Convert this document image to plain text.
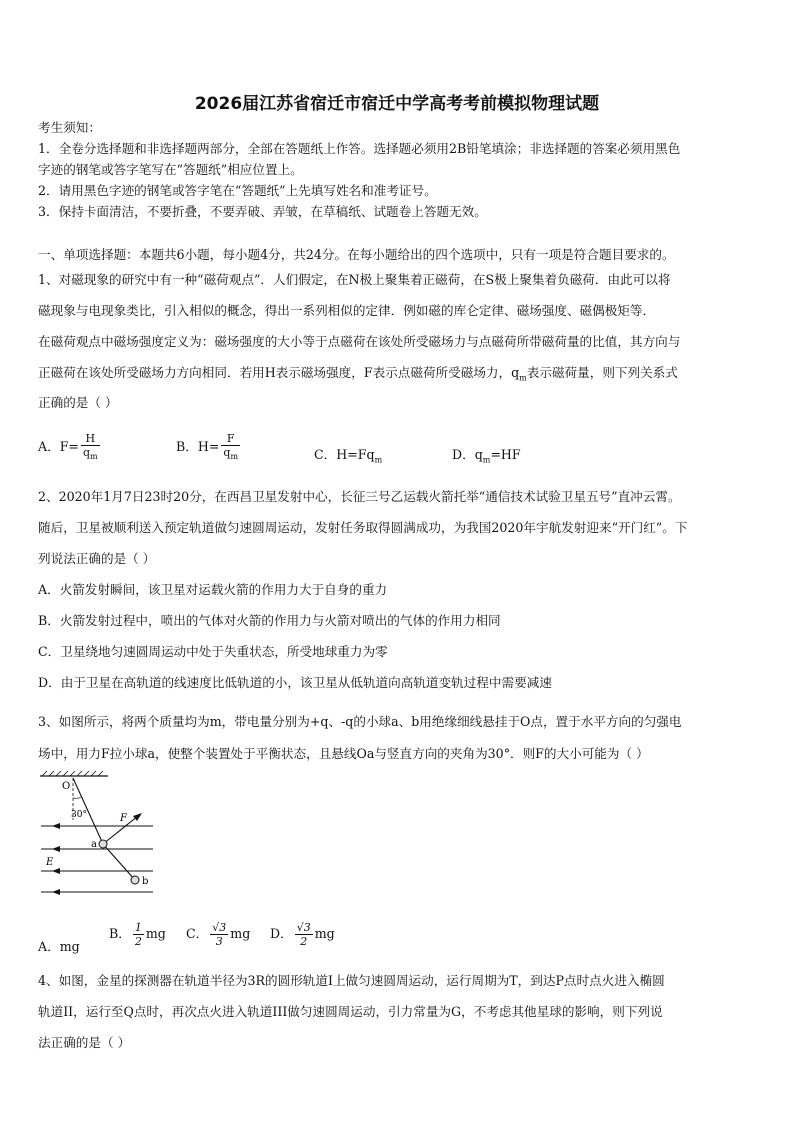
2026届江苏省宿迁市宿迁中学高考考前模拟物理试题
考生须知：
1．全卷分选择题和非选择题两部分，全部在答题纸上作答。选择题必须用2B铅笔填涂；非选择题的答案必须用黑色
字迹的钢笔或答字笔写在“答题纸”相应位置上。
2．请用黑色字迹的钢笔或答字笔在“答题纸”上先填写姓名和准考证号。
3．保持卡面清洁，不要折叠，不要弄破、弄皱，在草稿纸、试题卷上答题无效。
一、单项选择题：本题共6小题，每小题4分，共24分。在每小题给出的四个选项中，只有一项是符合题目要求的。
1、对磁现象的研究中有一种“磁荷观点”．人们假定，在N极上聚集着正磁荷，在S极上聚集着负磁荷．由此可以将
磁现象与电现象类比，引入相似的概念，得出一系列相似的定律．例如磁的库仑定律、磁场强度、磁偶极矩等．
在磁荷观点中磁场强度定义为：磁场强度的大小等于点磁荷在该处所受磁场力与点磁荷所带磁荷量的比值，其方向与
正磁荷在该处所受磁场力方向相同．若用H表示磁场强度，F表示点磁荷所受磁场力，$q_m$表示磁荷量，则下列关系式
正确的是（ ）
A．$F= \frac{H}{q_m}$	B．$H= \frac{F}{q_m}$	C．$H=Fq_m$	D．$q_m=HF$
2、2020年1月7日23时20分，在西昌卫星发射中心，长征三号乙运载火箭托举“通信技术试验卫星五号”直冲云霄。
随后，卫星被顺利送入预定轨道做匀速圆周运动，发射任务取得圆满成功，为我国2020年宇航发射迎来“开门红”。下
列说法正确的是（ ）
A．火箭发射瞬间，该卫星对运载火箭的作用力大于自身的重力
B．火箭发射过程中，喷出的气体对火箭的作用力与火箭对喷出的气体的作用力相同
C．卫星绕地匀速圆周运动中处于失重状态，所受地球重力为零
D．由于卫星在高轨道的线速度比低轨道的小，该卫星从低轨道向高轨道变轨过程中需要减速
3、如图所示，将两个质量均为m，带电量分别为+q、-q的小球a、b用绝缘细线悬挂于O点，置于水平方向的匀强电
场中，用力F拉小球a，使整个装置处于平衡状态，且悬线Oa与竖直方向的夹角为30°．则F的大小可能为（ ）
O
30°	F
a
E
b
A．mg
B． $\frac{1}{2}$ mg C． $\frac{√3}{3}$ mg D． $\frac{√3}{2}$ mg
4、如图，金星的探测器在轨道半径为3R的圆形轨道I上做匀速圆周运动，运行周期为T，到达P点时点火进入椭圆
轨道II，运行至Q点时，再次点火进入轨道III做匀速圆周运动，引力常量为G，不考虑其他星球的影响，则下列说
法正确的是（ ）
